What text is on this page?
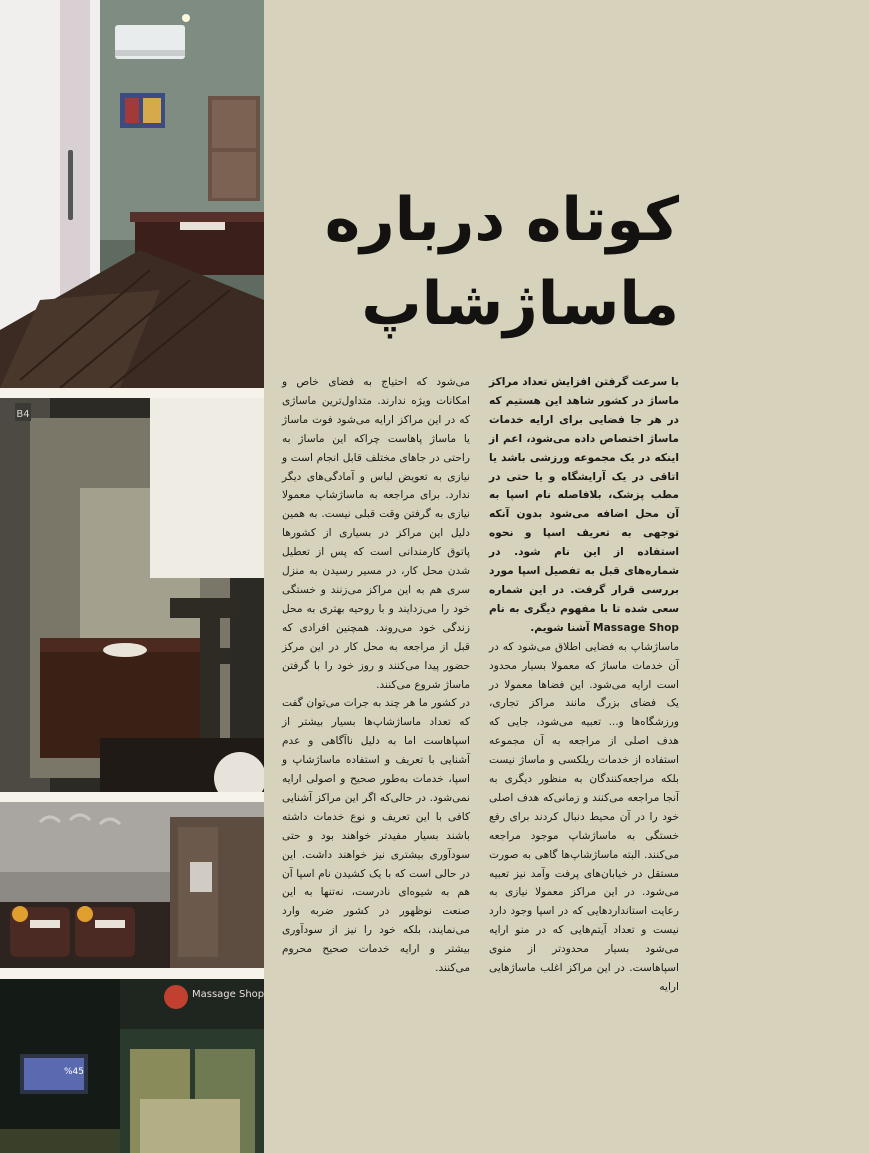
B4
Massage Shop
%45
کوتاه درباره
ماساژشاپ

با سرعت گرفتن افزایش تعداد مراکز ماساژ در کشور شاهد این هستیم که در هر جا فضایی برای ارایه خدمات ماساژ اختصاص داده می‌شود، اعم از اینکه در یک مجموعه ورزشی باشد یا اتاقی در یک آرایشگاه و یا حتی در مطب پزشک، بلافاصله نام اسپا به آن محل اضافه می‌شود بدون آنکه توجهی به تعریف اسپا و نحوه استفاده از این نام شود. در شماره‌های قبل به تفصیل اسپا مورد بررسی قرار گرفت. در این شماره سعی شده تا با مفهوم دیگری به نام Massage Shop آشنا شویم.

ماساژشاپ به فضایی اطلاق می‌شود که در آن خدمات ماساژ که معمولا بسیار محدود است ارایه می‌شود. این فضاها معمولا در یک فضای بزرگ مانند مراکز تجاری، ورزشگاه‌ها و... تعبیه می‌شود، جایی که هدف اصلی از مراجعه به آن مجموعه استفاده از خدمات ریلکسی و ماساژ نیست بلکه مراجعه‌کنندگان به منظور دیگری به آنجا مراجعه می‌کنند و زمانی‌که هدف اصلی خود را در آن محیط دنبال کردند برای رفع خستگی به ماساژشاپ موجود مراجعه می‌کنند. البته ماساژشاپ‌ها گاهی به صورت مستقل در خیابان‌های پرفت وآمد نیز تعبیه می‌شود. در این مراکز معمولا نیازی به رعایت استانداردهایی که در اسپا وجود دارد نیست و تعداد آیتم‌هایی که در منو ارایه می‌شود بسیار محدودتر از منوی اسپاهاست. در این مراکز اغلب ماساژهایی ارایه

می‌شود که احتیاج به فضای خاص و امکانات ویژه ندارند. متداول‌ترین ماساژی که در این مراکز ارایه می‌شود فوت ماساژ یا ماساژ پاهاست چراکه این ماساژ به راحتی در جاهای مختلف قابل انجام است و نیازی به تعویض لباس و آمادگی‌های دیگر ندارد. برای مراجعه به ماساژشاپ معمولا نیازی به گرفتن وقت قبلی نیست. به همین دلیل این مراکز در بسیاری از کشورها پاتوق کارمندانی است که پس از تعطیل شدن محل کار، در مسیر رسیدن به منزل سری هم به این مراکز می‌زنند و خستگی خود را می‌زدایند و با روحیه بهتری به محل زندگی خود می‌روند. همچنین افرادی که قبل از مراجعه به محل کار در این مرکز حضور پیدا می‌کنند و روز خود را با گرفتن ماساژ شروع می‌کنند.

در کشور ما هر چند به جرات می‌توان گفت که تعداد ماساژشاپ‌ها بسیار بیشتر از اسپاهاست اما به دلیل ناآگاهی و عدم آشنایی با تعریف و استفاده ماساژشاپ و اسپا، خدمات به‌طور صحیح و اصولی ارایه نمی‌شود. در حالی‌که اگر این مراکز آشنایی کافی با این تعریف و نوع خدمات داشته باشند بسیار مفیدتر خواهند بود و حتی سودآوری بیشتری نیز خواهند داشت. این در حالی است که با یک کشیدن نام اسپا آن هم به شیوه‌ای نادرست، نه‌تنها به این صنعت نوظهور در کشور ضربه وارد می‌نمایند، بلکه خود را نیز از سودآوری بیشتر و ارایه خدمات صحیح محروم می‌کنند.
